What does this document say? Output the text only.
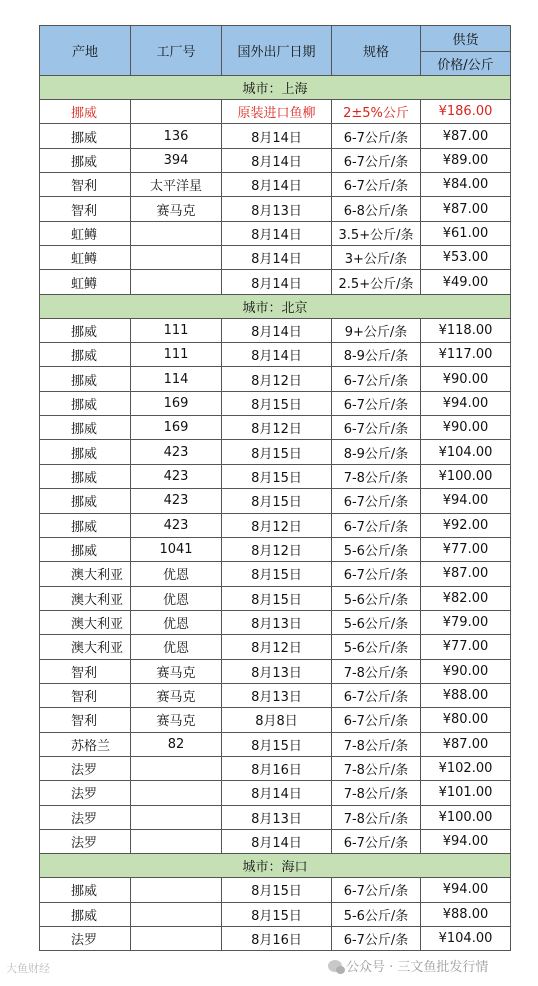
产地	工厂号	国外出厂日期	规格	供货
				价格/公斤
城市：上海				
挪威		原装进口鱼柳	2±5%公斤	¥186.00
挪威	136	8月14日	6-7公斤/条	¥87.00
挪威	394	8月14日	6-7公斤/条	¥89.00
智利	太平洋星	8月14日	6-7公斤/条	¥84.00
智利	赛马克	8月13日	6-8公斤/条	¥87.00
虹鳟		8月14日	3.5+公斤/条	¥61.00
虹鳟		8月14日	3+公斤/条	¥53.00
虹鳟		8月14日	2.5+公斤/条	¥49.00
城市：北京				
挪威	111	8月14日	9+公斤/条	¥118.00
挪威	111	8月14日	8-9公斤/条	¥117.00
挪威	114	8月12日	6-7公斤/条	¥90.00
挪威	169	8月15日	6-7公斤/条	¥94.00
挪威	169	8月12日	6-7公斤/条	¥90.00
挪威	423	8月15日	8-9公斤/条	¥104.00
挪威	423	8月15日	7-8公斤/条	¥100.00
挪威	423	8月15日	6-7公斤/条	¥94.00
挪威	423	8月12日	6-7公斤/条	¥92.00
挪威	1041	8月12日	5-6公斤/条	¥77.00
澳大利亚	优恩	8月15日	6-7公斤/条	¥87.00
澳大利亚	优恩	8月15日	5-6公斤/条	¥82.00
澳大利亚	优恩	8月13日	5-6公斤/条	¥79.00
澳大利亚	优恩	8月12日	5-6公斤/条	¥77.00
智利	赛马克	8月13日	7-8公斤/条	¥90.00
智利	赛马克	8月13日	6-7公斤/条	¥88.00
智利	赛马克	8月8日	6-7公斤/条	¥80.00
苏格兰	82	8月15日	7-8公斤/条	¥87.00
法罗		8月16日	7-8公斤/条	¥102.00
法罗		8月14日	7-8公斤/条	¥101.00
法罗		8月13日	7-8公斤/条	¥100.00
法罗		8月14日	6-7公斤/条	¥94.00
城市：海口				
挪威		8月15日	6-7公斤/条	¥94.00
挪威		8月15日	5-6公斤/条	¥88.00
法罗		8月16日	6-7公斤/条	¥104.00
大鱼财经	公众号 · 三文鱼批发行情
